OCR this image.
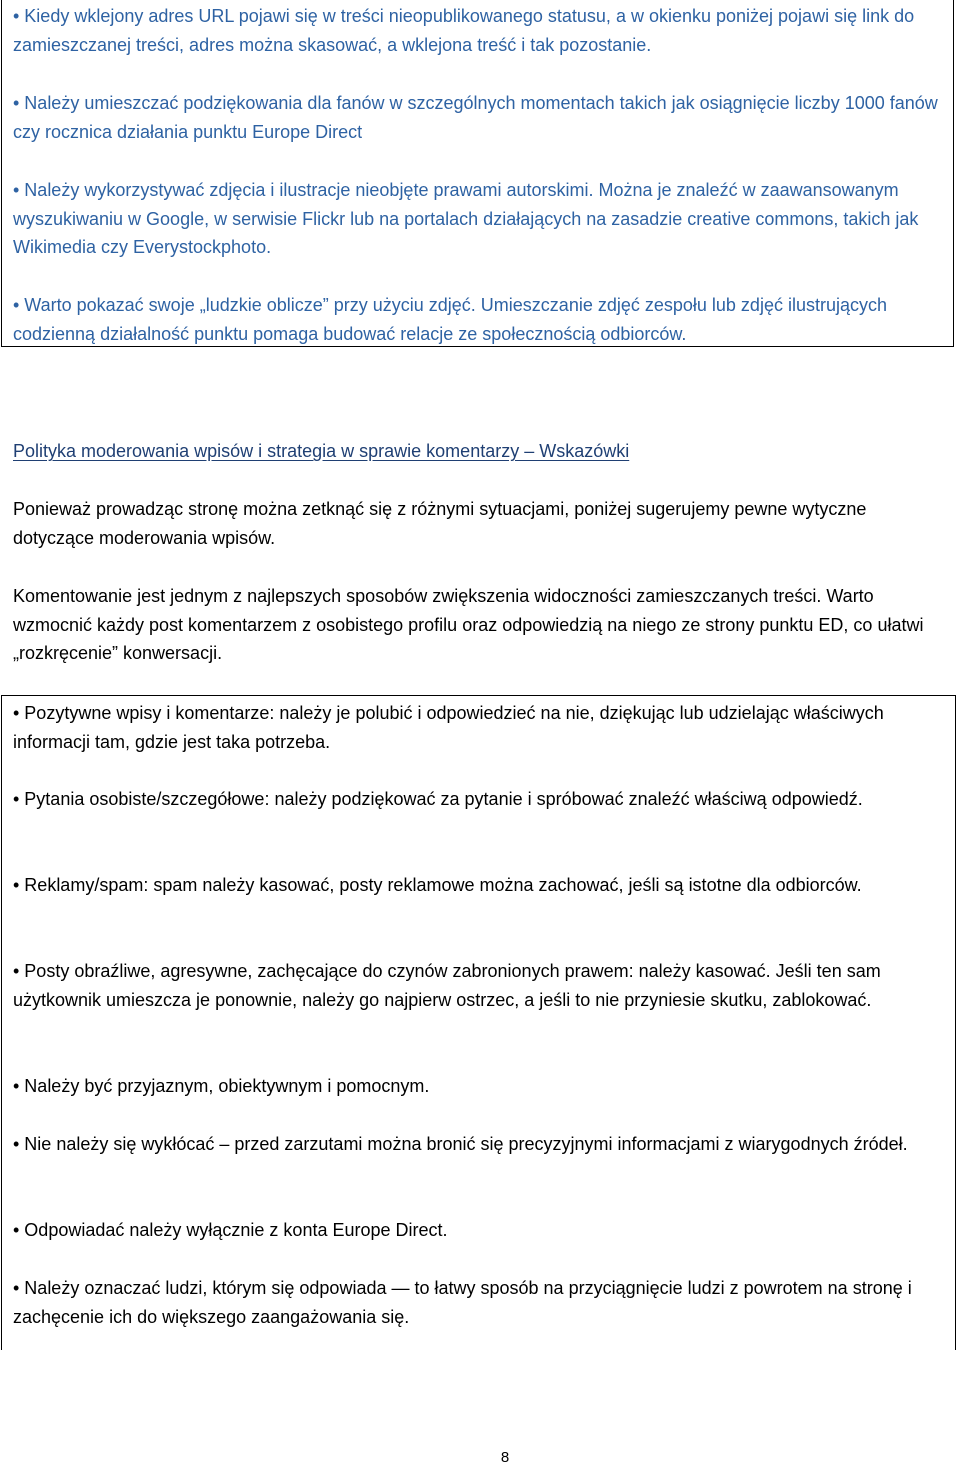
• Kiedy wklejony adres URL pojawi się w treści nieopublikowanego statusu, a w okienku poniżej pojawi się link do zamieszczanej treści, adres można skasować, a wklejona treść i tak pozostanie.

• Należy umieszczać podziękowania dla fanów w szczególnych momentach takich jak osiągnięcie liczby 1000 fanów czy rocznica działania punktu Europe Direct

• Należy wykorzystywać zdjęcia i ilustracje nieobjęte prawami autorskimi. Można je znaleźć w zaawansowanym wyszukiwaniu w Google, w serwisie Flickr lub na portalach działających na zasadzie creative commons, takich jak Wikimedia czy Everystockphoto.

• Warto pokazać swoje „ludzkie oblicze” przy użyciu zdjęć. Umieszczanie zdjęć zespołu lub zdjęć ilustrujących codzienną działalność punktu pomaga budować relacje ze społecznością odbiorców.

Polityka moderowania wpisów i strategia w sprawie komentarzy – Wskazówki

Ponieważ prowadząc stronę można zetknąć się z różnymi sytuacjami, poniżej sugerujemy pewne wytyczne dotyczące moderowania wpisów.

Komentowanie jest jednym z najlepszych sposobów zwiększenia widoczności zamieszczanych treści. Warto wzmocnić każdy post komentarzem z osobistego profilu oraz odpowiedzią na niego ze strony punktu ED, co ułatwi „rozkręcenie” konwersacji.

• Pozytywne wpisy i komentarze: należy je polubić i odpowiedzieć na nie, dziękując lub udzielając właściwych informacji tam, gdzie jest taka potrzeba.

• Pytania osobiste/szczegółowe: należy podziękować za pytanie i spróbować znaleźć właściwą odpowiedź.

• Reklamy/spam: spam należy kasować, posty reklamowe można zachować, jeśli są istotne dla odbiorców.

• Posty obraźliwe, agresywne, zachęcające do czynów zabronionych prawem: należy kasować. Jeśli ten sam użytkownik umieszcza je ponownie, należy go najpierw ostrzec, a jeśli to nie przyniesie skutku, zablokować.

• Należy być przyjaznym, obiektywnym i pomocnym.

• Nie należy się wykłócać – przed zarzutami można bronić się precyzyjnymi informacjami z wiarygodnych źródeł.

• Odpowiadać należy wyłącznie z konta Europe Direct.

• Należy oznaczać ludzi, którym się odpowiada — to łatwy sposób na przyciągnięcie ludzi z powrotem na stronę i zachęcenie ich do większego zaangażowania się.

8
